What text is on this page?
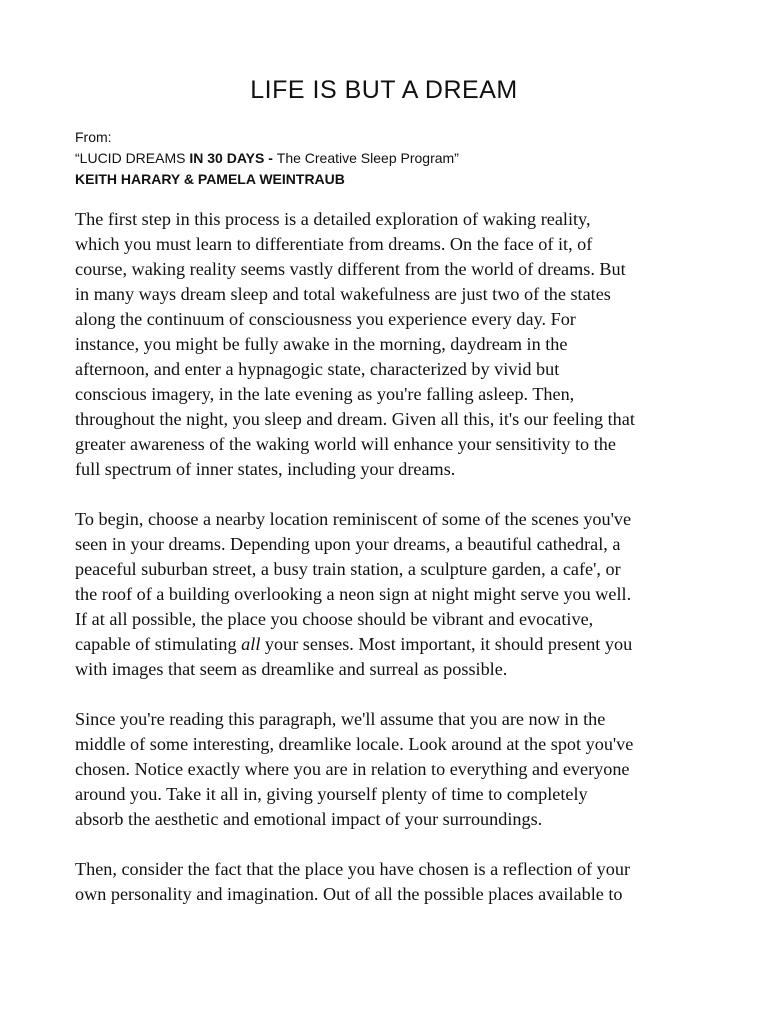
LIFE IS BUT A DREAM
From:
“LUCID DREAMS IN 30 DAYS - The Creative Sleep Program”
KEITH HARARY & PAMELA WEINTRAUB

The first step in this process is a detailed exploration of waking reality,
which you must learn to differentiate from dreams. On the face of it, of
course, waking reality seems vastly different from the world of dreams. But
in many ways dream sleep and total wakefulness are just two of the states
along the continuum of consciousness you experience every day. For
instance, you might be fully awake in the morning, daydream in the
afternoon, and enter a hypnagogic state, characterized by vivid but
conscious imagery, in the late evening as you're falling asleep. Then,
throughout the night, you sleep and dream. Given all this, it's our feeling that
greater awareness of the waking world will enhance your sensitivity to the
full spectrum of inner states, including your dreams.

To begin, choose a nearby location reminiscent of some of the scenes you've
seen in your dreams. Depending upon your dreams, a beautiful cathedral, a
peaceful suburban street, a busy train station, a sculpture garden, a cafe', or
the roof of a building overlooking a neon sign at night might serve you well.
If at all possible, the place you choose should be vibrant and evocative,
capable of stimulating all your senses. Most important, it should present you
with images that seem as dreamlike and surreal as possible.

Since you're reading this paragraph, we'll assume that you are now in the
middle of some interesting, dreamlike locale. Look around at the spot you've
chosen. Notice exactly where you are in relation to everything and everyone
around you. Take it all in, giving yourself plenty of time to completely
absorb the aesthetic and emotional impact of your surroundings.

Then, consider the fact that the place you have chosen is a reflection of your
own personality and imagination. Out of all the possible places available to
